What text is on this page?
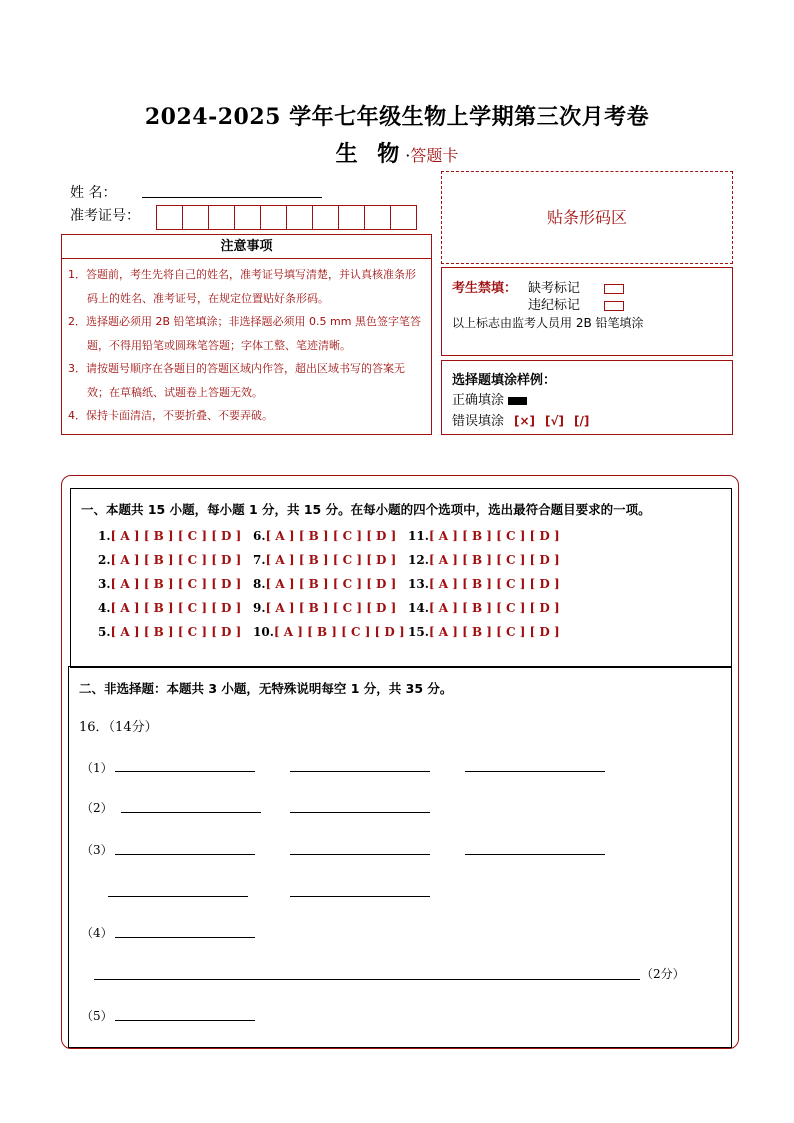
2024-2025 学年七年级生物上学期第三次月考卷
生 物·答题卡
姓 名：
准考证号：
注意事项
1．答题前，考生先将自己的姓名，准考证号填写清楚，并认真核准条形码上的姓名、准考证号，在规定位置贴好条形码。
2．选择题必须用 2B 铅笔填涂；非选择题必须用 0.5 mm 黑色签字笔答题，不得用铅笔或圆珠笔答题；字体工整、笔迹清晰。
3．请按题号顺序在各题目的答题区域内作答，超出区域书写的答案无效；在草稿纸、试题卷上答题无效。
4．保持卡面清洁，不要折叠、不要弄破。
贴条形码区
考生禁填： 缺考标记
违纪标记
以上标志由监考人员用 2B 铅笔填涂
选择题填涂样例：
正确填涂
错误填涂 [×] [√] [/]
一、本题共 15 小题，每小题 1 分，共 15 分。在每小题的四个选项中，选出最符合题目要求的一项。
1.[ A ] [ B ] [ C ] [ D ]
2.[ A ] [ B ] [ C ] [ D ]
3.[ A ] [ B ] [ C ] [ D ]
4.[ A ] [ B ] [ C ] [ D ]
5.[ A ] [ B ] [ C ] [ D ]
6.[ A ] [ B ] [ C ] [ D ]
7.[ A ] [ B ] [ C ] [ D ]
8.[ A ] [ B ] [ C ] [ D ]
9.[ A ] [ B ] [ C ] [ D ]
10.[ A ] [ B ] [ C ] [ D ]
11.[ A ] [ B ] [ C ] [ D ]
12.[ A ] [ B ] [ C ] [ D ]
13.[ A ] [ B ] [ C ] [ D ]
14.[ A ] [ B ] [ C ] [ D ]
15.[ A ] [ B ] [ C ] [ D ]
二、非选择题：本题共 3 小题，无特殊说明每空 1 分，共 35 分。
16．（14分）
（1）
（2）
（3）
（4）
（2分）
（5）
